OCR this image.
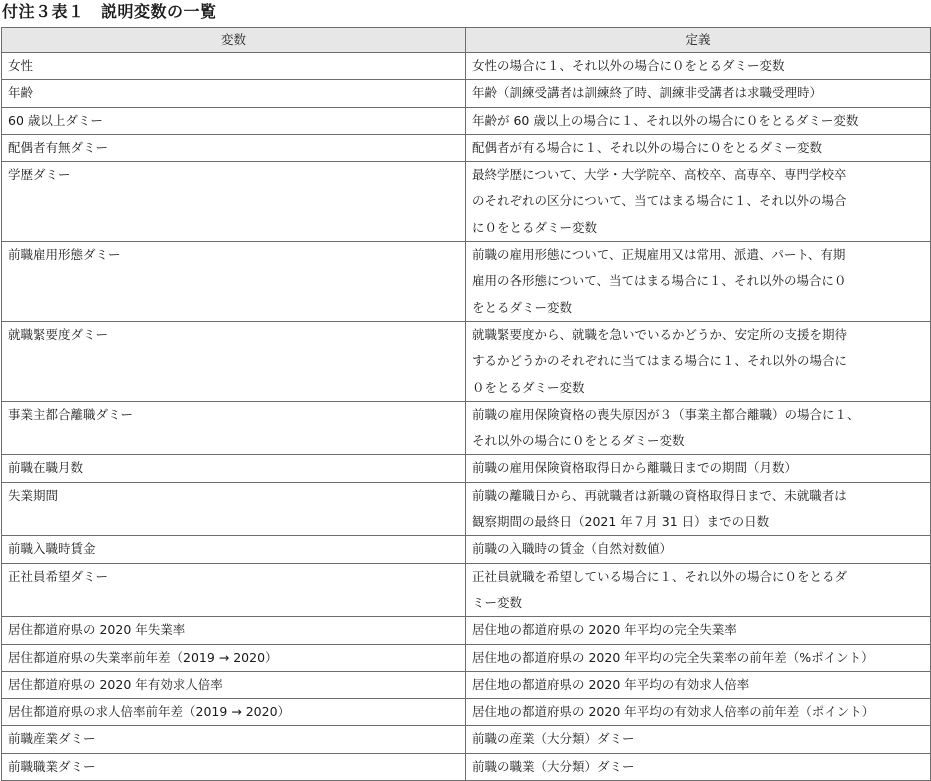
付注３表１　説明変数の一覧
変数	定義
女性	女性の場合に１、それ以外の場合に０をとるダミー変数
年齢	年齢（訓練受講者は訓練終了時、訓練非受講者は求職受理時）
60 歳以上ダミー	年齢が 60 歳以上の場合に１、それ以外の場合に０をとるダミー変数
配偶者有無ダミー	配偶者が有る場合に１、それ以外の場合に０をとるダミー変数
学歴ダミー	最終学歴について、大学・大学院卒、高校卒、高専卒、専門学校卒
のそれぞれの区分について、当てはまる場合に１、それ以外の場合
に０をとるダミー変数
前職雇用形態ダミー	前職の雇用形態について、正規雇用又は常用、派遣、パート、有期
雇用の各形態について、当てはまる場合に１、それ以外の場合に０
をとるダミー変数
就職緊要度ダミー	就職緊要度から、就職を急いでいるかどうか、安定所の支援を期待
するかどうかのそれぞれに当てはまる場合に１、それ以外の場合に
０をとるダミー変数
事業主都合離職ダミー	前職の雇用保険資格の喪失原因が３（事業主都合離職）の場合に１、
それ以外の場合に０をとるダミー変数
前職在職月数	前職の雇用保険資格取得日から離職日までの期間（月数）
失業期間	前職の離職日から、再就職者は新職の資格取得日まで、未就職者は
観察期間の最終日（2021 年７月 31 日）までの日数
前職入職時賃金	前職の入職時の賃金（自然対数値）
正社員希望ダミー	正社員就職を希望している場合に１、それ以外の場合に０をとるダ
ミー変数
居住都道府県の 2020 年失業率	居住地の都道府県の 2020 年平均の完全失業率
居住都道府県の失業率前年差（2019 → 2020）	居住地の都道府県の 2020 年平均の完全失業率の前年差（%ポイント）
居住都道府県の 2020 年有効求人倍率	居住地の都道府県の 2020 年平均の有効求人倍率
居住都道府県の求人倍率前年差（2019 → 2020）	居住地の都道府県の 2020 年平均の有効求人倍率の前年差（ポイント）
前職産業ダミー	前職の産業（大分類）ダミー
前職職業ダミー	前職の職業（大分類）ダミー
